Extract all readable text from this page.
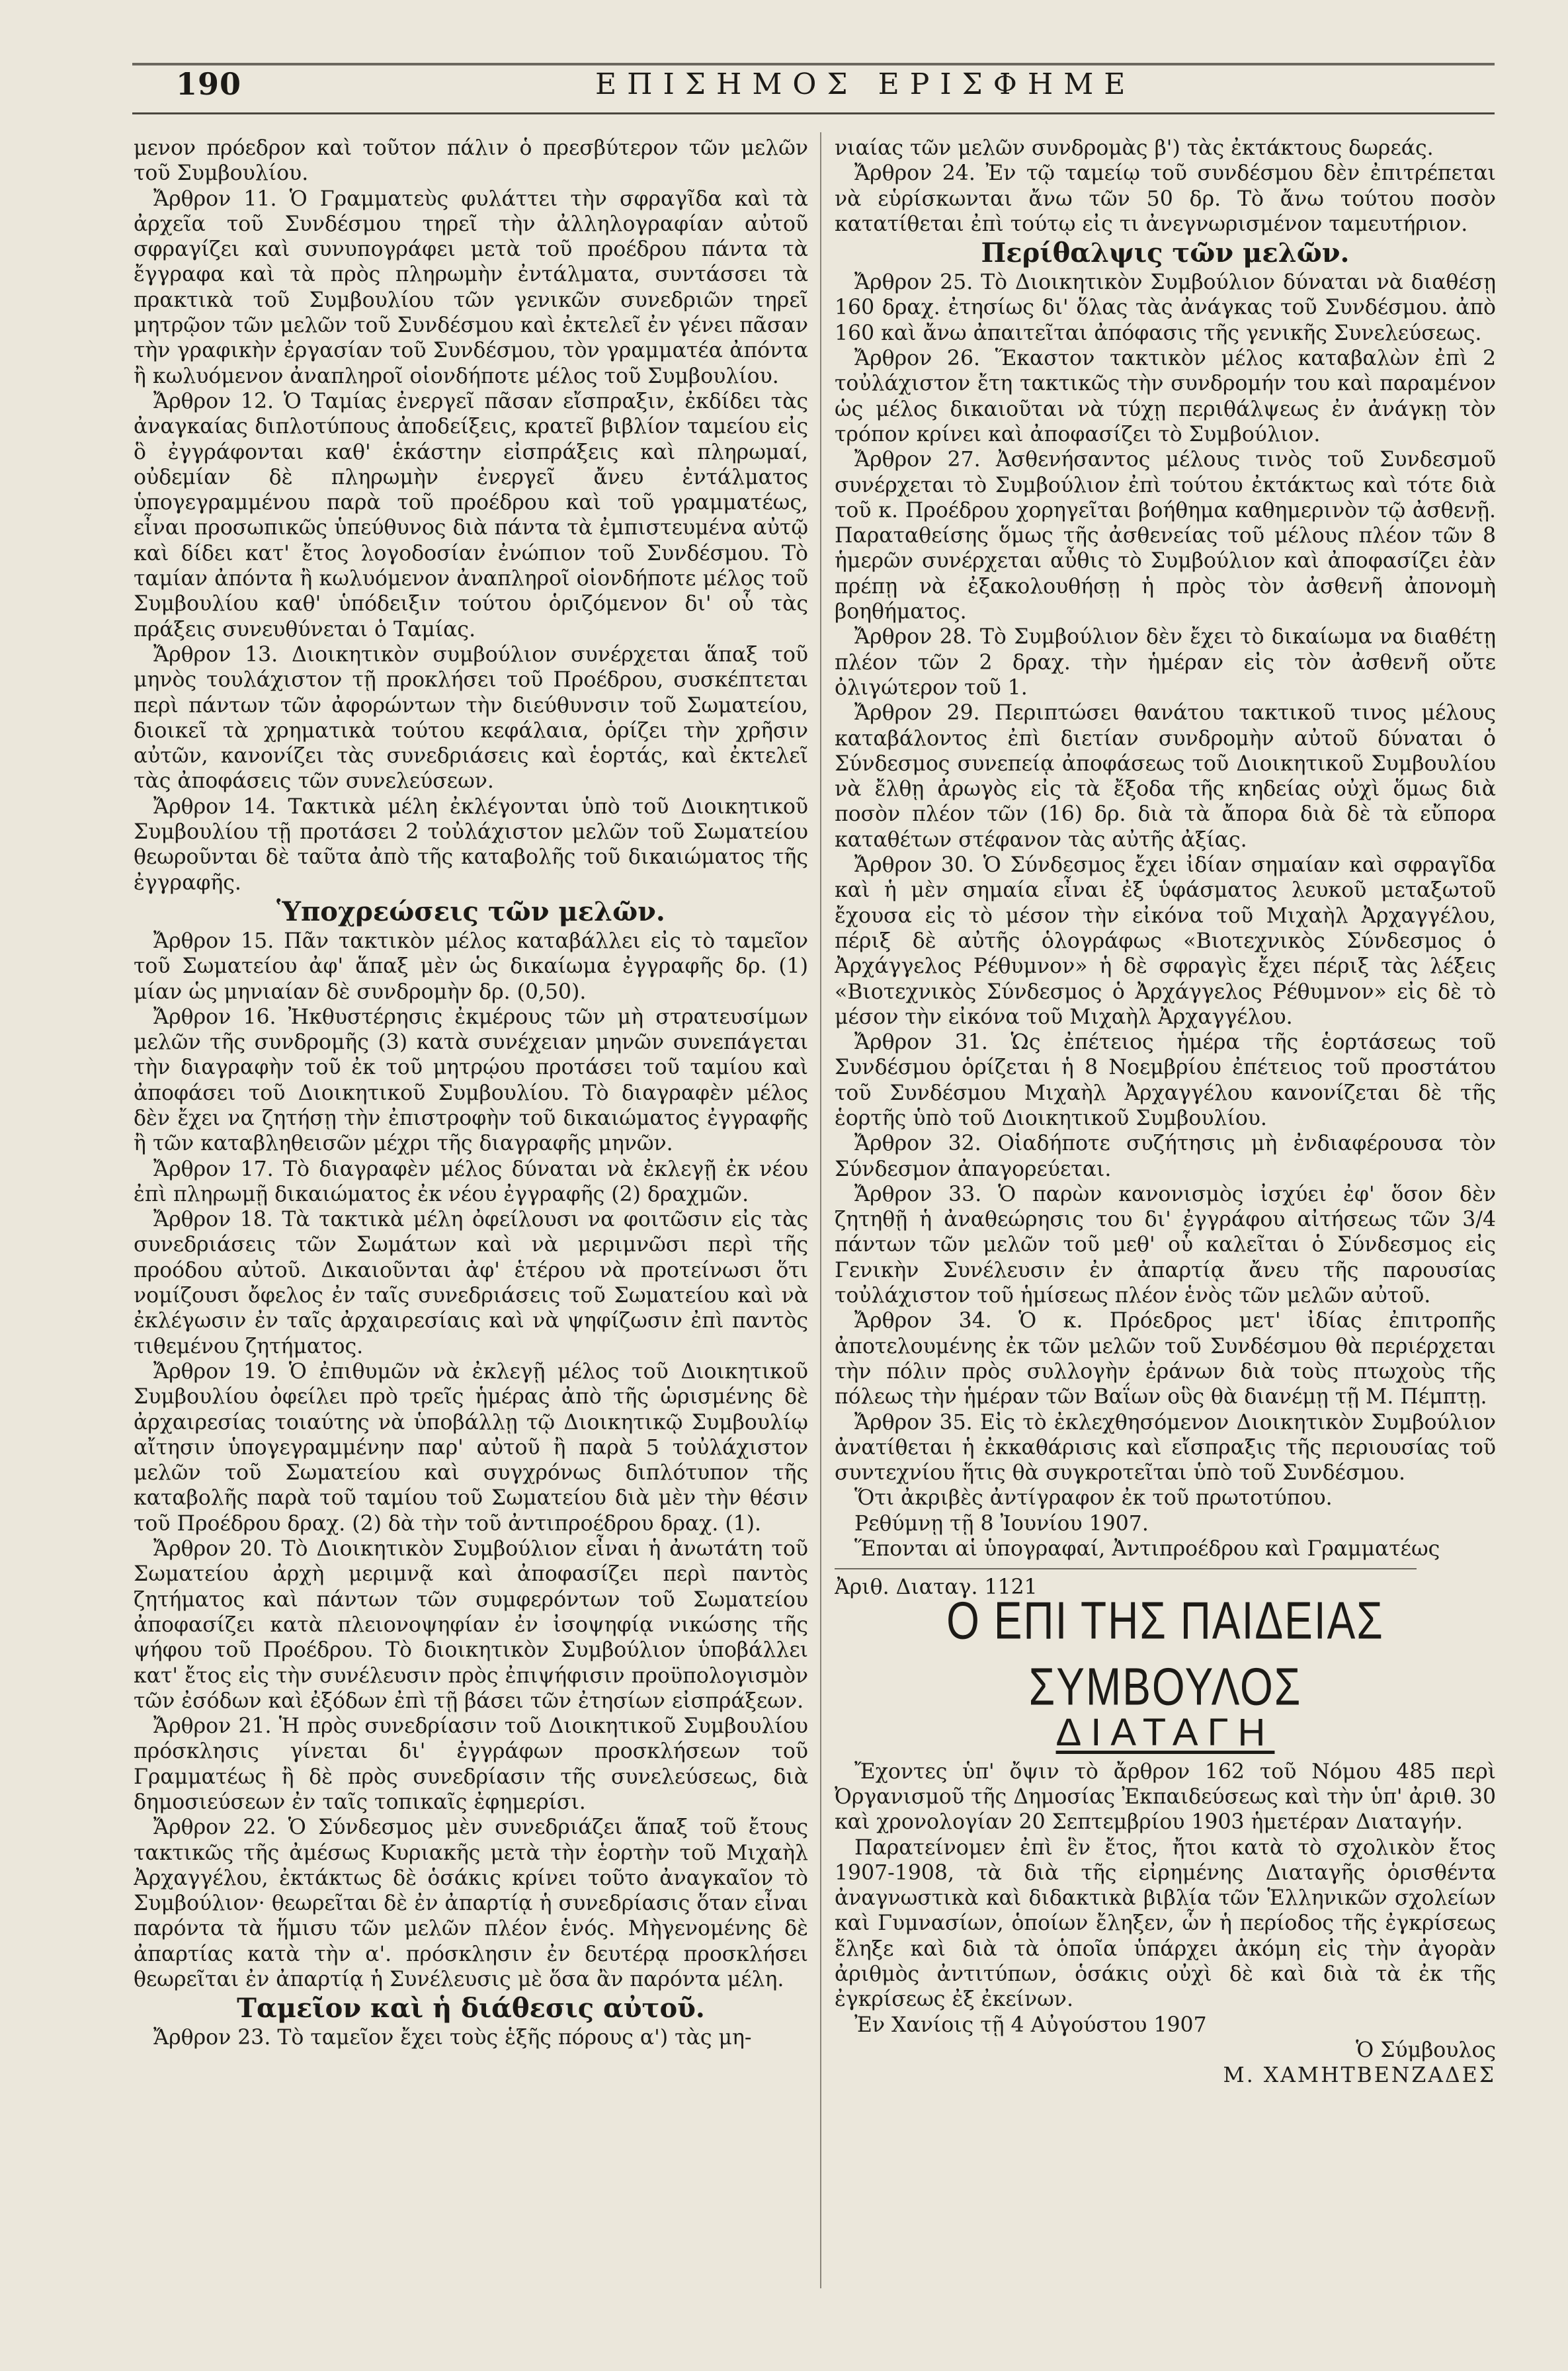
190	ΕΠΙΣΗΜΟΣ ΕΡΙΣΦΗΜΕ

μενον πρόεδρον καὶ τοῦτον πάλιν ὁ πρεσβύτερον τῶν μελῶν τοῦ Συμβουλίου.

Ἄρθρον 11. Ὁ Γραμματεὺς φυλάττει τὴν σφραγῖδα καὶ τὰ ἀρχεῖα τοῦ Συνδέσμου τηρεῖ τὴν ἀλληλογραφίαν αὐτοῦ σφραγίζει καὶ συνυπογράφει μετὰ τοῦ προέδρου πάντα τὰ ἔγγραφα καὶ τὰ πρὸς πληρωμὴν ἐντάλματα, συντάσσει τὰ πρακτικὰ τοῦ Συμβουλίου τῶν γενικῶν συνεδριῶν τηρεῖ μητρῷον τῶν μελῶν τοῦ Συνδέσμου καὶ ἐκτελεῖ ἐν γένει πᾶσαν τὴν γραφικὴν ἐργασίαν τοῦ Συνδέσμου, τὸν γραμματέα ἀπόντα ἢ κωλυόμενον ἀναπληροῖ οἱονδήποτε μέλος τοῦ Συμβουλίου.

Ἄρθρον 12. Ὁ Ταμίας ἐνεργεῖ πᾶσαν εἴσπραξιν, ἐκδίδει τὰς ἀναγκαίας διπλοτύπους ἀποδείξεις, κρατεῖ βιβλίον ταμείου εἰς ὃ ἐγγράφονται καθ' ἑκάστην εἰσπράξεις καὶ πληρωμαί, οὐδεμίαν δὲ πληρωμὴν ἐνεργεῖ ἄνευ ἐντάλματος ὑπογεγραμμένου παρὰ τοῦ προέδρου καὶ τοῦ γραμματέως, εἶναι προσωπικῶς ὑπεύθυνος διὰ πάντα τὰ ἐμπιστευμένα αὐτῷ καὶ δίδει κατ' ἔτος λογοδοσίαν ἐνώπιον τοῦ Συνδέσμου. Τὸ ταμίαν ἀπόντα ἢ κωλυόμενον ἀναπληροῖ οἱονδήποτε μέλος τοῦ Συμβουλίου καθ' ὑπόδειξιν τούτου ὁριζόμενον δι' οὗ τὰς πράξεις συνευθύνεται ὁ Ταμίας.

Ἄρθρον 13. Διοικητικὸν συμβούλιον συνέρχεται ἅπαξ τοῦ μηνὸς τουλάχιστον τῇ προκλήσει τοῦ Προέδρου, συσκέπτεται περὶ πάντων τῶν ἀφορώντων τὴν διεύθυνσιν τοῦ Σωματείου, διοικεῖ τὰ χρηματικὰ τούτου κεφάλαια, ὁρίζει τὴν χρῆσιν αὐτῶν, κανονίζει τὰς συνεδριάσεις καὶ ἑορτάς, καὶ ἐκτελεῖ τὰς ἀποφάσεις τῶν συνελεύσεων.

Ἄρθρον 14. Τακτικὰ μέλη ἐκλέγονται ὑπὸ τοῦ Διοικητικοῦ Συμβουλίου τῇ προτάσει 2 τοὐλάχιστον μελῶν τοῦ Σωματείου θεωροῦνται δὲ ταῦτα ἀπὸ τῆς καταβολῆς τοῦ δικαιώματος τῆς ἐγγραφῆς.

Ὑποχρεώσεις τῶν μελῶν.

Ἄρθρον 15. Πᾶν τακτικὸν μέλος καταβάλλει εἰς τὸ ταμεῖον τοῦ Σωματείου ἀφ' ἅπαξ μὲν ὡς δικαίωμα ἐγγραφῆς δρ. (1) μίαν ὡς μηνιαίαν δὲ συνδρομὴν δρ. (0,50).

Ἄρθρον 16. Ἠκθυστέρησις ἐκμέρους τῶν μὴ στρατευσίμων μελῶν τῆς συνδρομῆς (3) κατὰ συνέχειαν μηνῶν συνεπάγεται τὴν διαγραφὴν τοῦ ἐκ τοῦ μητρῴου προτάσει τοῦ ταμίου καὶ ἀποφάσει τοῦ Διοικητικοῦ Συμβουλίου. Τὸ διαγραφὲν μέλος δὲν ἔχει να ζητήσῃ τὴν ἐπιστροφὴν τοῦ δικαιώματος ἐγγραφῆς ἢ τῶν καταβληθεισῶν μέχρι τῆς διαγραφῆς μηνῶν.

Ἄρθρον 17. Τὸ διαγραφὲν μέλος δύναται νὰ ἐκλεγῇ ἐκ νέου ἐπὶ πληρωμῇ δικαιώματος ἐκ νέου ἐγγραφῆς (2) δραχμῶν.

Ἄρθρον 18. Τὰ τακτικὰ μέλη ὀφείλουσι να φοιτῶσιν εἰς τὰς συνεδριάσεις τῶν Σωμάτων καὶ νὰ μεριμνῶσι περὶ τῆς προόδου αὐτοῦ. Δικαιοῦνται ἀφ' ἑτέρου νὰ προτείνωσι ὅτι νομίζουσι ὄφελος ἐν ταῖς συνεδριάσεις τοῦ Σωματείου καὶ νὰ ἐκλέγωσιν ἐν ταῖς ἀρχαιρεσίαις καὶ νὰ ψηφίζωσιν ἐπὶ παντὸς τιθεμένου ζητήματος.

Ἄρθρον 19. Ὁ ἐπιθυμῶν νὰ ἐκλεγῇ μέλος τοῦ Διοικητικοῦ Συμβουλίου ὀφείλει πρὸ τρεῖς ἡμέρας ἀπὸ τῆς ὡρισμένης δὲ ἀρχαιρεσίας τοιαύτης νὰ ὑποβάλλῃ τῷ Διοικητικῷ Συμβουλίῳ αἴτησιν ὑπογεγραμμένην παρ' αὐτοῦ ἢ παρὰ 5 τοὐλάχιστον μελῶν τοῦ Σωματείου καὶ συγχρόνως διπλότυπον τῆς καταβολῆς παρὰ τοῦ ταμίου τοῦ Σωματείου διὰ μὲν τὴν θέσιν τοῦ Προέδρου δραχ. (2) δὰ τὴν τοῦ ἀντιπροέδρου δραχ. (1).

Ἄρθρον 20. Τὸ Διοικητικὸν Συμβούλιον εἶναι ἡ ἀνωτάτη τοῦ Σωματείου ἀρχὴ μεριμνᾷ καὶ ἀποφασίζει περὶ παντὸς ζητήματος καὶ πάντων τῶν συμφερόντων τοῦ Σωματείου ἀποφασίζει κατὰ πλειονοψηφίαν ἐν ἰσοψηφίᾳ νικώσης τῆς ψήφου τοῦ Προέδρου. Τὸ διοικητικὸν Συμβούλιον ὑποβάλλει κατ' ἔτος εἰς τὴν συνέλευσιν πρὸς ἐπιψήφισιν προϋπολογισμὸν τῶν ἐσόδων καὶ ἐξόδων ἐπὶ τῇ βάσει τῶν ἐτησίων εἰσπράξεων.

Ἄρθρον 21. Ἡ πρὸς συνεδρίασιν τοῦ Διοικητικοῦ Συμβουλίου πρόσκλησις γίνεται δι' ἐγγράφων προσκλήσεων τοῦ Γραμματέως ἢ δὲ πρὸς συνεδρίασιν τῆς συνελεύσεως, διὰ δημοσιεύσεων ἐν ταῖς τοπικαῖς ἐφημερίσι.

Ἄρθρον 22. Ὁ Σύνδεσμος μὲν συνεδριάζει ἅπαξ τοῦ ἔτους τακτικῶς τῆς ἀμέσως Κυριακῆς μετὰ τὴν ἑορτὴν τοῦ Μιχαὴλ Ἀρχαγγέλου, ἐκτάκτως δὲ ὁσάκις κρίνει τοῦτο ἀναγκαῖον τὸ Συμβούλιον· θεωρεῖται δὲ ἐν ἀπαρτίᾳ ἡ συνεδρίασις ὅταν εἶναι παρόντα τὰ ἥμισυ τῶν μελῶν πλέον ἑνός. Μὴγενομένης δὲ ἀπαρτίας κατὰ τὴν α'. πρόσκλησιν ἐν δευτέρᾳ προσκλήσει θεωρεῖται ἐν ἀπαρτίᾳ ἡ Συνέλευσις μὲ ὅσα ἂν παρόντα μέλη.

Ταμεῖον καὶ ἡ διάθεσις αὐτοῦ.

Ἄρθρον 23. Τὸ ταμεῖον ἔχει τοὺς ἑξῆς πόρους α') τὰς μη-

νιαίας τῶν μελῶν συνδρομὰς β') τὰς ἐκτάκτους δωρεάς.

Ἄρθρον 24. Ἐν τῷ ταμείῳ τοῦ συνδέσμου δὲν ἐπιτρέπεται νὰ εὑρίσκωνται ἄνω τῶν 50 δρ. Τὸ ἄνω τούτου ποσὸν κατατίθεται ἐπὶ τούτῳ εἰς τι ἀνεγνωρισμένον ταμευτήριον.

Περίθαλψις τῶν μελῶν.

Ἄρθρον 25. Τὸ Διοικητικὸν Συμβούλιον δύναται νὰ διαθέσῃ 160 δραχ. ἐτησίως δι' ὅλας τὰς ἀνάγκας τοῦ Συνδέσμου. ἀπὸ 160 καὶ ἄνω ἀπαιτεῖται ἀπόφασις τῆς γενικῆς Συνελεύσεως.

Ἄρθρον 26. Ἕκαστον τακτικὸν μέλος καταβαλὼν ἐπὶ 2 τοὐλάχιστον ἔτη τακτικῶς τὴν συνδρομήν του καὶ παραμένον ὡς μέλος δικαιοῦται νὰ τύχῃ περιθάλψεως ἐν ἀνάγκῃ τὸν τρόπον κρίνει καὶ ἀποφασίζει τὸ Συμβούλιον.

Ἄρθρον 27. Ἀσθενήσαντος μέλους τινὸς τοῦ Συνδεσμοῦ συνέρχεται τὸ Συμβούλιον ἐπὶ τούτου ἐκτάκτως καὶ τότε διὰ τοῦ κ. Προέδρου χορηγεῖται βοήθημα καθημερινὸν τῷ ἀσθενῇ. Παραταθείσης ὅμως τῆς ἀσθενείας τοῦ μέλους πλέον τῶν 8 ἡμερῶν συνέρχεται αὖθις τὸ Συμβούλιον καὶ ἀποφασίζει ἐὰν πρέπῃ νὰ ἐξακολουθήσῃ ἡ πρὸς τὸν ἀσθενῆ ἀπονομὴ βοηθήματος.

Ἄρθρον 28. Τὸ Συμβούλιον δὲν ἔχει τὸ δικαίωμα να διαθέτῃ πλέον τῶν 2 δραχ. τὴν ἡμέραν εἰς τὸν ἀσθενῆ οὔτε ὀλιγώτερον τοῦ 1.

Ἄρθρον 29. Περιπτώσει θανάτου τακτικοῦ τινος μέλους καταβάλοντος ἐπὶ διετίαν συνδρομὴν αὐτοῦ δύναται ὁ Σύνδεσμος συνεπείᾳ ἀποφάσεως τοῦ Διοικητικοῦ Συμβουλίου νὰ ἔλθῃ ἀρωγὸς εἰς τὰ ἔξοδα τῆς κηδείας οὐχὶ ὅμως διὰ ποσὸν πλέον τῶν (16) δρ. διὰ τὰ ἄπορα διὰ δὲ τὰ εὔπορα καταθέτων στέφανον τὰς αὐτῆς ἀξίας.

Ἄρθρον 30. Ὁ Σύνδεσμος ἔχει ἰδίαν σημαίαν καὶ σφραγῖδα καὶ ἡ μὲν σημαία εἶναι ἐξ ὑφάσματος λευκοῦ μεταξωτοῦ ἔχουσα εἰς τὸ μέσον τὴν εἰκόνα τοῦ Μιχαὴλ Ἀρχαγγέλου, πέριξ δὲ αὐτῆς ὁλογράφως «Βιοτεχνικὸς Σύνδεσμος ὁ Ἀρχάγγελος Ρέθυμνον» ἡ δὲ σφραγὶς ἔχει πέριξ τὰς λέξεις «Βιοτεχνικὸς Σύνδεσμος ὁ Ἀρχάγγελος Ρέθυμνον» εἰς δὲ τὸ μέσον τὴν εἰκόνα τοῦ Μιχαὴλ Ἀρχαγγέλου.

Ἄρθρον 31. Ὡς ἐπέτειος ἡμέρα τῆς ἑορτάσεως τοῦ Συνδέσμου ὁρίζεται ἡ 8 Νοεμβρίου ἐπέτειος τοῦ προστάτου τοῦ Συνδέσμου Μιχαὴλ Ἀρχαγγέλου κανονίζεται δὲ τῆς ἑορτῆς ὑπὸ τοῦ Διοικητικοῦ Συμβουλίου.

Ἄρθρον 32. Οἱαδήποτε συζήτησις μὴ ἐνδιαφέρουσα τὸν Σύνδεσμον ἀπαγορεύεται.

Ἄρθρον 33. Ὁ παρὼν κανονισμὸς ἰσχύει ἐφ' ὅσον δὲν ζητηθῇ ἡ ἀναθεώρησις του δι' ἐγγράφου αἰτήσεως τῶν 3/4 πάντων τῶν μελῶν τοῦ μεθ' οὗ καλεῖται ὁ Σύνδεσμος εἰς Γενικὴν Συνέλευσιν ἐν ἀπαρτίᾳ ἄνευ τῆς παρουσίας τοὐλάχιστον τοῦ ἡμίσεως πλέον ἑνὸς τῶν μελῶν αὐτοῦ.

Ἄρθρον 34. Ὁ κ. Πρόεδρος μετ' ἰδίας ἐπιτροπῆς ἀποτελουμένης ἐκ τῶν μελῶν τοῦ Συνδέσμου θὰ περιέρχεται τὴν πόλιν πρὸς συλλογὴν ἐράνων διὰ τοὺς πτωχοὺς τῆς πόλεως τὴν ἡμέραν τῶν Βαΐων οὓς θὰ διανέμῃ τῇ Μ. Πέμπτῃ.

Ἄρθρον 35. Εἰς τὸ ἐκλεχθησόμενον Διοικητικὸν Συμβούλιον ἀνατίθεται ἡ ἐκκαθάρισις καὶ εἴσπραξις τῆς περιουσίας τοῦ συντεχνίου ἥτις θὰ συγκροτεῖται ὑπὸ τοῦ Συνδέσμου.

Ὅτι ἀκριβὲς ἀντίγραφον ἐκ τοῦ πρωτοτύπου.

Ρεθύμνῃ τῇ 8 Ἰουνίου 1907.

Ἕπονται αἱ ὑπογραφαί, Ἀντιπροέδρου καὶ Γραμματέως

Ἀριθ. Διαταγ. 1121

Ο ΕΠΙ ΤΗΣ ΠΑΙΔΕΙΑΣ ΣΥΜΒΟΥΛΟΣ

ΔΙΑΤΑΓΗ

Ἔχοντες ὑπ' ὄψιν τὸ ἄρθρον 162 τοῦ Νόμου 485 περὶ Ὀργανισμοῦ τῆς Δημοσίας Ἐκπαιδεύσεως καὶ τὴν ὑπ' ἀριθ. 30 καὶ χρονολογίαν 20 Σεπτεμβρίου 1903 ἡμετέραν Διαταγήν.

Παρατείνομεν ἐπὶ ἓν ἔτος, ἤτοι κατὰ τὸ σχολικὸν ἔτος 1907-1908, τὰ διὰ τῆς εἰρημένης Διαταγῆς ὁρισθέντα ἀναγνωστικὰ καὶ διδακτικὰ βιβλία τῶν Ἑλληνικῶν σχολείων καὶ Γυμνασίων, ὁποίων ἔληξεν, ὧν ἡ περίοδος τῆς ἐγκρίσεως ἔληξε καὶ διὰ τὰ ὁποῖα ὑπάρχει ἀκόμη εἰς τὴν ἀγορὰν ἀριθμὸς ἀντιτύπων, ὁσάκις οὐχὶ δὲ καὶ διὰ τὰ ἐκ τῆς ἐγκρίσεως ἐξ ἐκείνων.

Ἐν Χανίοις τῇ 4 Αὐγούστου 1907

Ὁ Σύμβουλος

Μ. ΧΑΜΗΤΒΕΝΖΑΔΕΣ
